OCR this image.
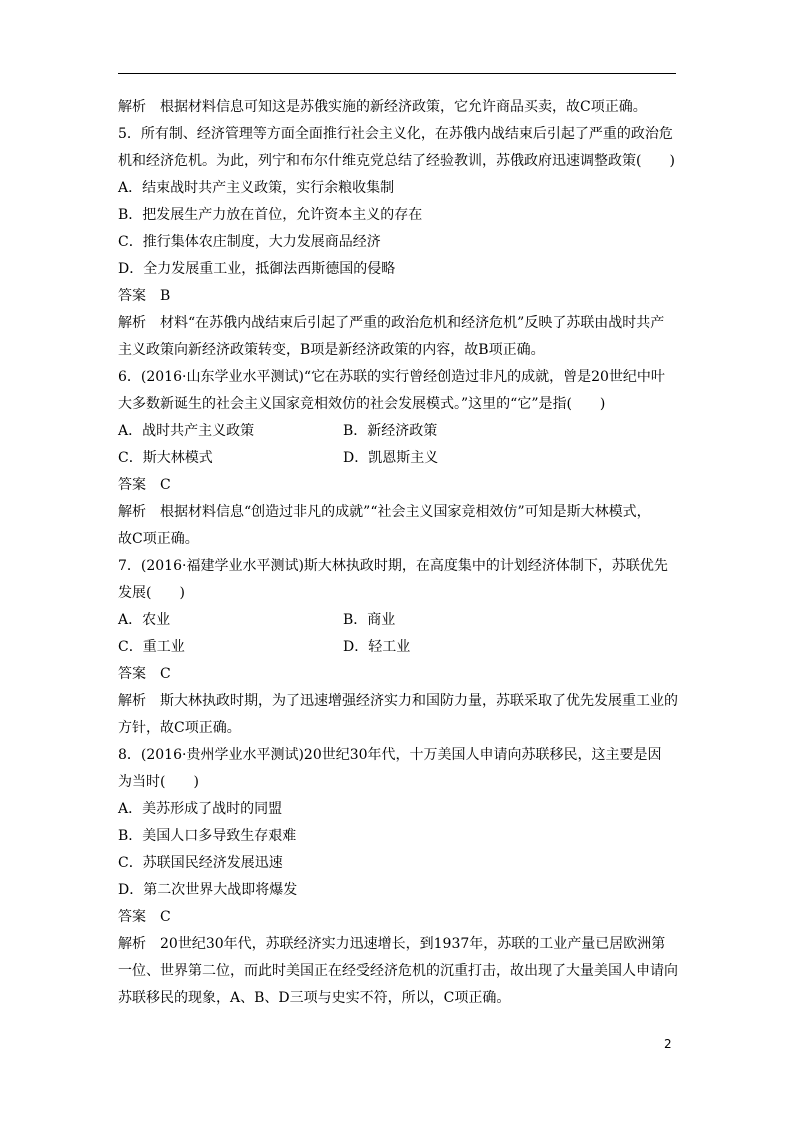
解析　根据材料信息可知这是苏俄实施的新经济政策，它允许商品买卖，故C项正确。
5．所有制、经济管理等方面全面推行社会主义化，在苏俄内战结束后引起了严重的政治危
机和经济危机。为此，列宁和布尔什维克党总结了经验教训，苏俄政府迅速调整政策(　　)
A．结束战时共产主义政策，实行余粮收集制
B．把发展生产力放在首位，允许资本主义的存在
C．推行集体农庄制度，大力发展商品经济
D．全力发展重工业，抵御法西斯德国的侵略
答案　B
解析　材料“在苏俄内战结束后引起了严重的政治危机和经济危机”反映了苏联由战时共产
主义政策向新经济政策转变，B项是新经济政策的内容，故B项正确。
6．(2016·山东学业水平测试)“它在苏联的实行曾经创造过非凡的成就，曾是20世纪中叶
大多数新诞生的社会主义国家竞相效仿的社会发展模式。”这里的“它”是指(　　)
A．战时共产主义政策	B．新经济政策
C．斯大林模式	D．凯恩斯主义
答案　C
解析　根据材料信息“创造过非凡的成就”“社会主义国家竞相效仿”可知是斯大林模式，
故C项正确。
7．(2016·福建学业水平测试)斯大林执政时期，在高度集中的计划经济体制下，苏联优先
发展(　　)
A．农业	B．商业
C．重工业	D．轻工业
答案　C
解析　斯大林执政时期，为了迅速增强经济实力和国防力量，苏联采取了优先发展重工业的
方针，故C项正确。
8．(2016·贵州学业水平测试)20世纪30年代，十万美国人申请向苏联移民，这主要是因
为当时(　　)
A．美苏形成了战时的同盟
B．美国人口多导致生存艰难
C．苏联国民经济发展迅速
D．第二次世界大战即将爆发
答案　C
解析　20世纪30年代，苏联经济实力迅速增长，到1937年，苏联的工业产量已居欧洲第
一位、世界第二位，而此时美国正在经受经济危机的沉重打击，故出现了大量美国人申请向
苏联移民的现象，A、B、D三项与史实不符，所以，C项正确。
2
